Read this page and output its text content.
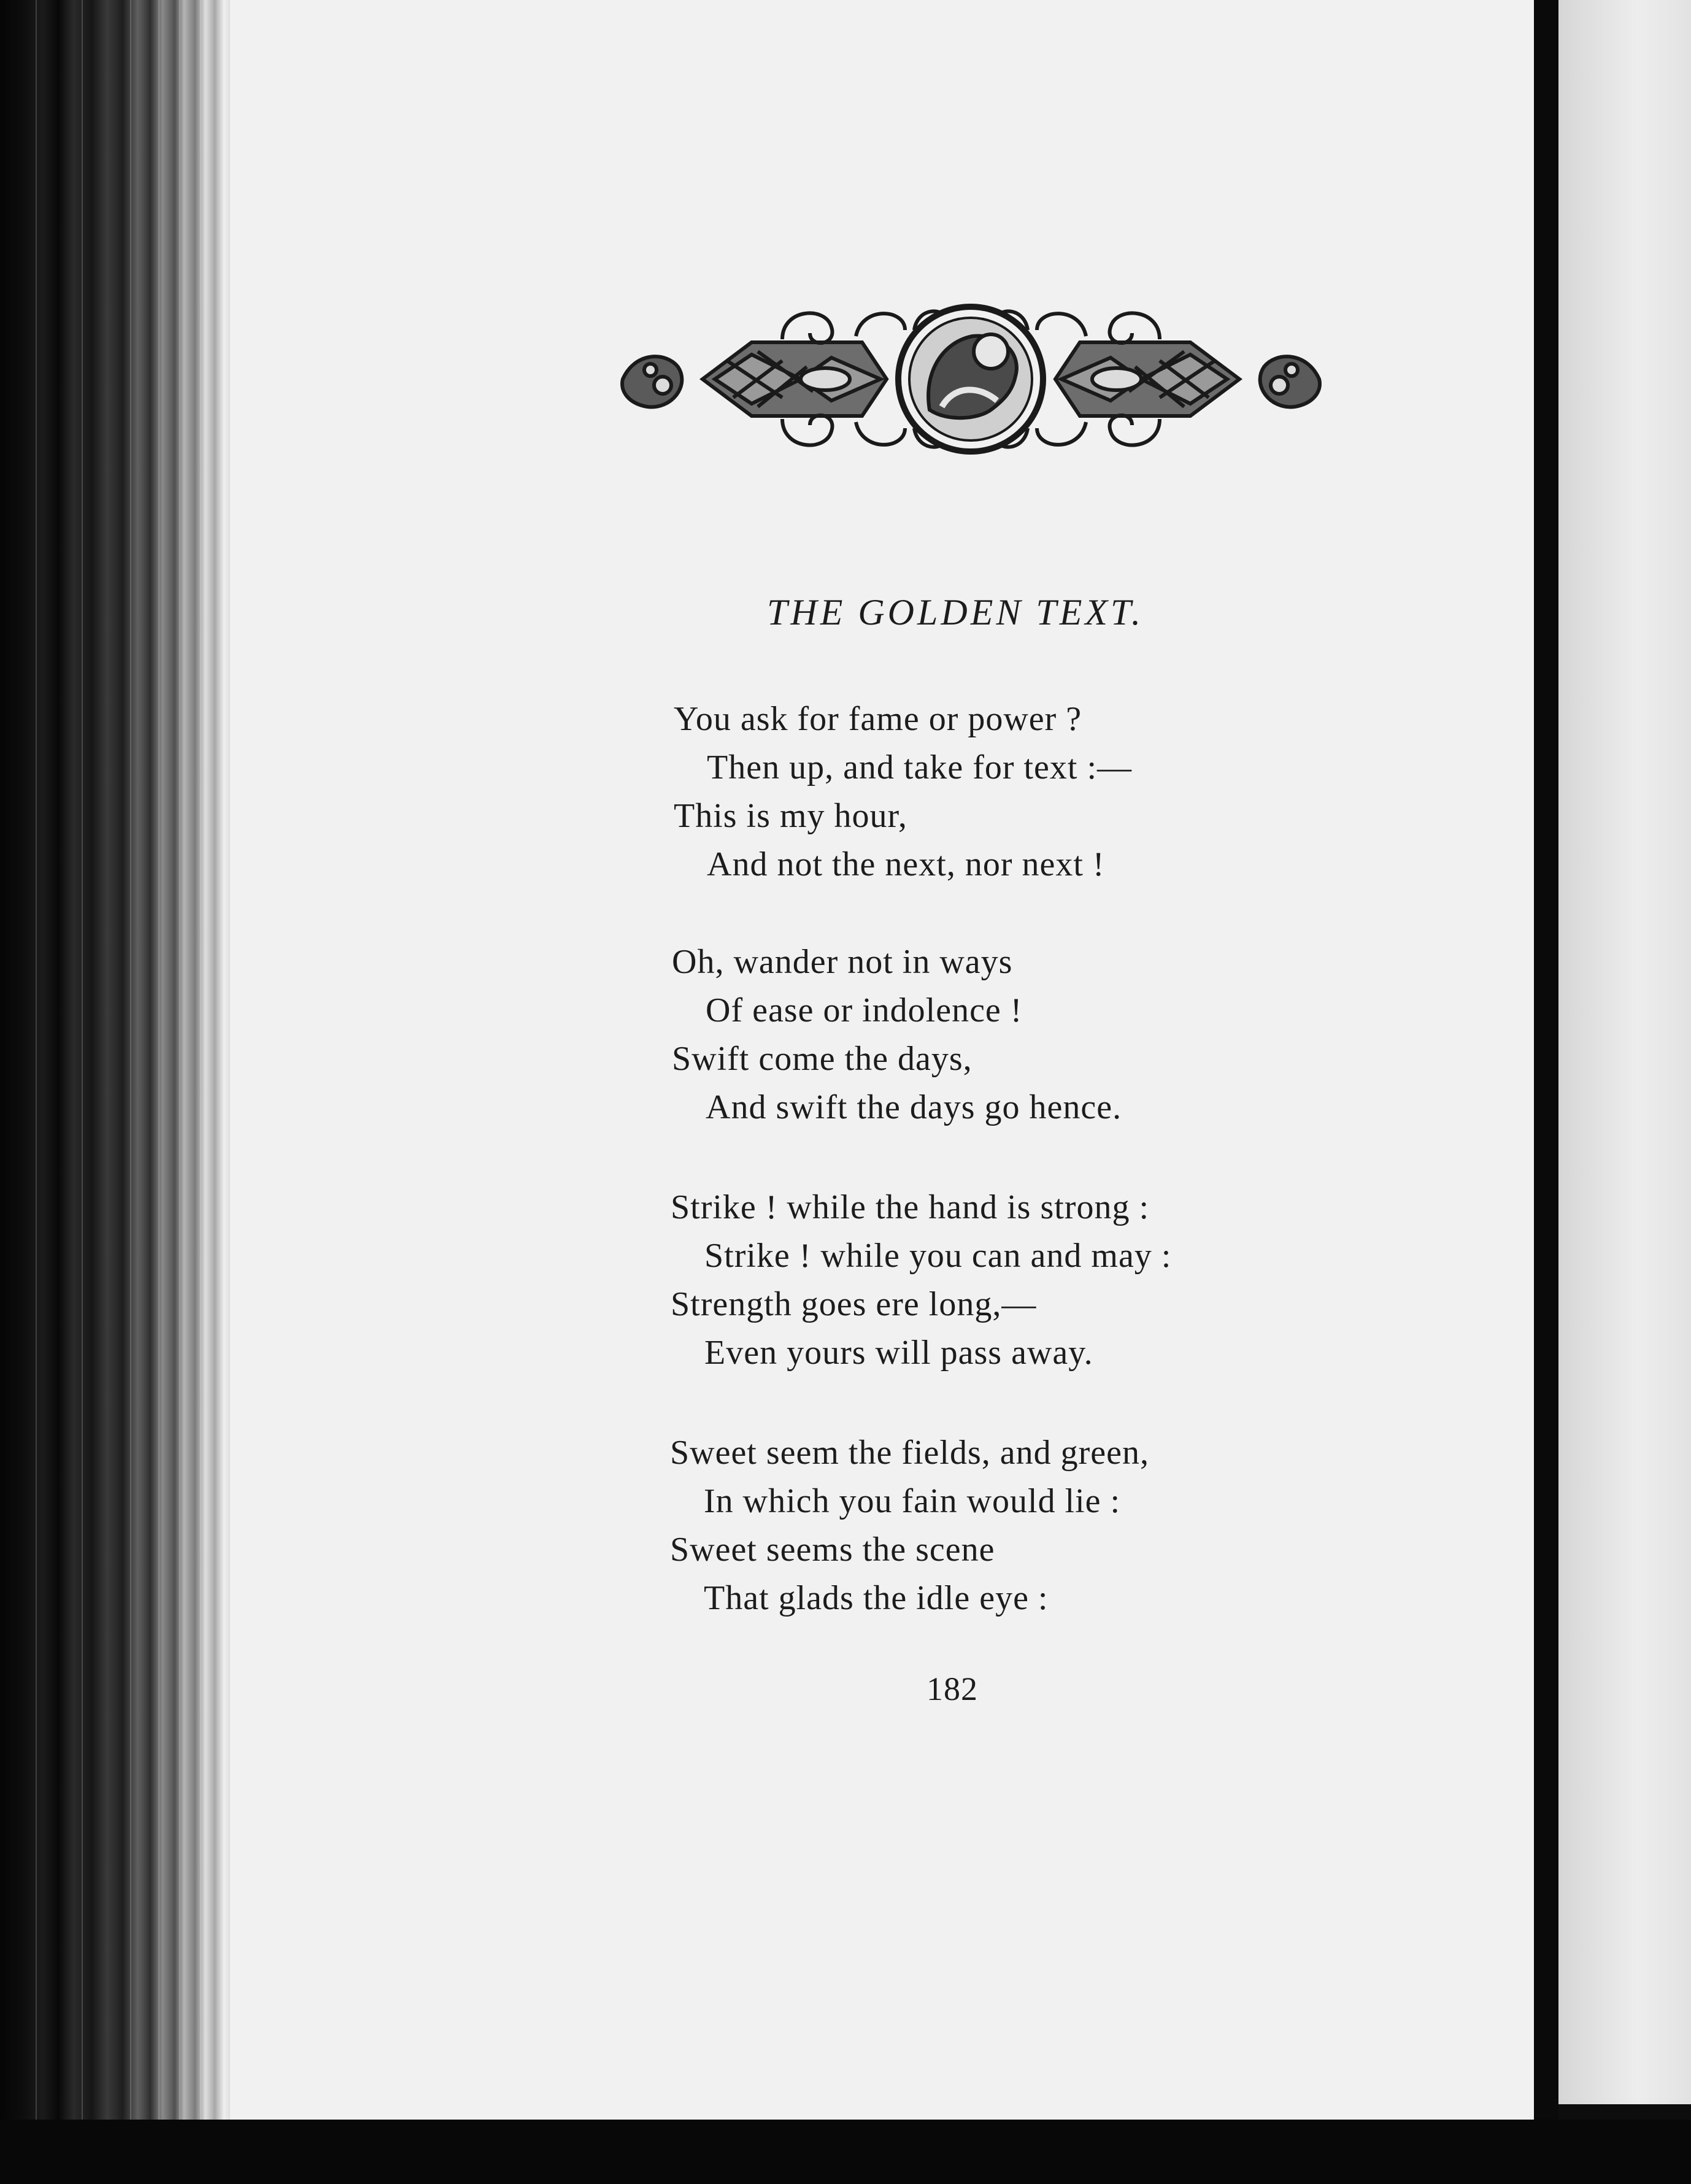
THE GOLDEN TEXT.
You ask for fame or power ?
Then up, and take for text :—
This is my hour,
And not the next, nor next !
Oh, wander not in ways
Of ease or indolence !
Swift come the days,
And swift the days go hence.
Strike ! while the hand is strong :
Strike ! while you can and may :
Strength goes ere long,—
Even yours will pass away.
Sweet seem the fields, and green,
In which you fain would lie :
Sweet seems the scene
That glads the idle eye :
182
